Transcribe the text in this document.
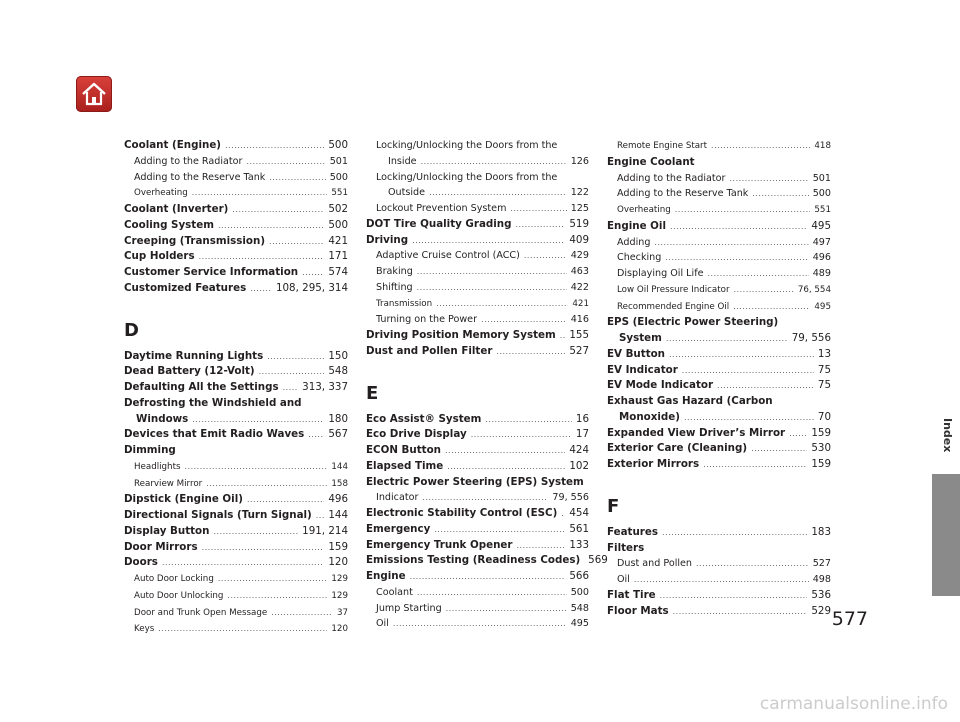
Coolant (Engine) .....	500
Adding to the Radiator .....	501
Adding to the Reserve Tank .....	500
Overheating .....	551
Coolant (Inverter) .....	502
Cooling System .....	500
Creeping (Transmission) .....	421
Cup Holders .....	171
Customer Service Information .....	574
Customized Features .....	108, 295, 314
D
Daytime Running Lights .....	150
Dead Battery (12-Volt) .....	548
Defaulting All the Settings ..... 313, 337
Defrosting the Windshield and
Windows .....	180
Devices that Emit Radio Waves ..... 567
Dimming
Headlights .....	144
Rearview Mirror .....	158
Dipstick (Engine Oil) .....	496
Directional Signals (Turn Signal) ..... 144
Display Button .....	191, 214
Door Mirrors .....	159
Doors .....	120
Auto Door Locking .....	129
Auto Door Unlocking .....	129
Door and Trunk Open Message .....	37
Keys .....	120
Locking/Unlocking the Doors from the
Inside .....	126
Locking/Unlocking the Doors from the
Outside .....	122
Lockout Prevention System .....	125
DOT Tire Quality Grading .....	519
Driving .....	409
Adaptive Cruise Control (ACC) .....	429
Braking .....	463
Shifting .....	422
Transmission .....	421
Turning on the Power .....	416
Driving Position Memory System ..... 155
Dust and Pollen Filter .....	527
E
Eco Assist® System .....	16
Eco Drive Display .....	17
ECON Button .....	424
Elapsed Time .....	102
Electric Power Steering (EPS) System
Indicator .....	79, 556
Electronic Stability Control (ESC) ..... 454
Emergency .....	561
Emergency Trunk Opener .....	133
Emissions Testing (Readiness Codes) 569
Engine .....	566
Coolant .....	500
Jump Starting .....	548
Oil .....	495
Remote Engine Start .....	418
Engine Coolant
Adding to the Radiator .....	501
Adding to the Reserve Tank .....	500
Overheating .....	551
Engine Oil .....	495
Adding .....	497
Checking .....	496
Displaying Oil Life .....	489
Low Oil Pressure Indicator .....	76, 554
Recommended Engine Oil .....	495
EPS (Electric Power Steering)
System .....	79, 556
EV Button .....	13
EV Indicator .....	75
EV Mode Indicator .....	75
Exhaust Gas Hazard (Carbon
Monoxide) .....	70
Expanded View Driver’s Mirror .....	159
Exterior Care (Cleaning) .....	530
Exterior Mirrors .....	159
F
Features .....	183
Filters
Dust and Pollen .....	527
Oil .....	498
Flat Tire .....	536
Floor Mats .....	529
Index
577
carmanualsonline.info
